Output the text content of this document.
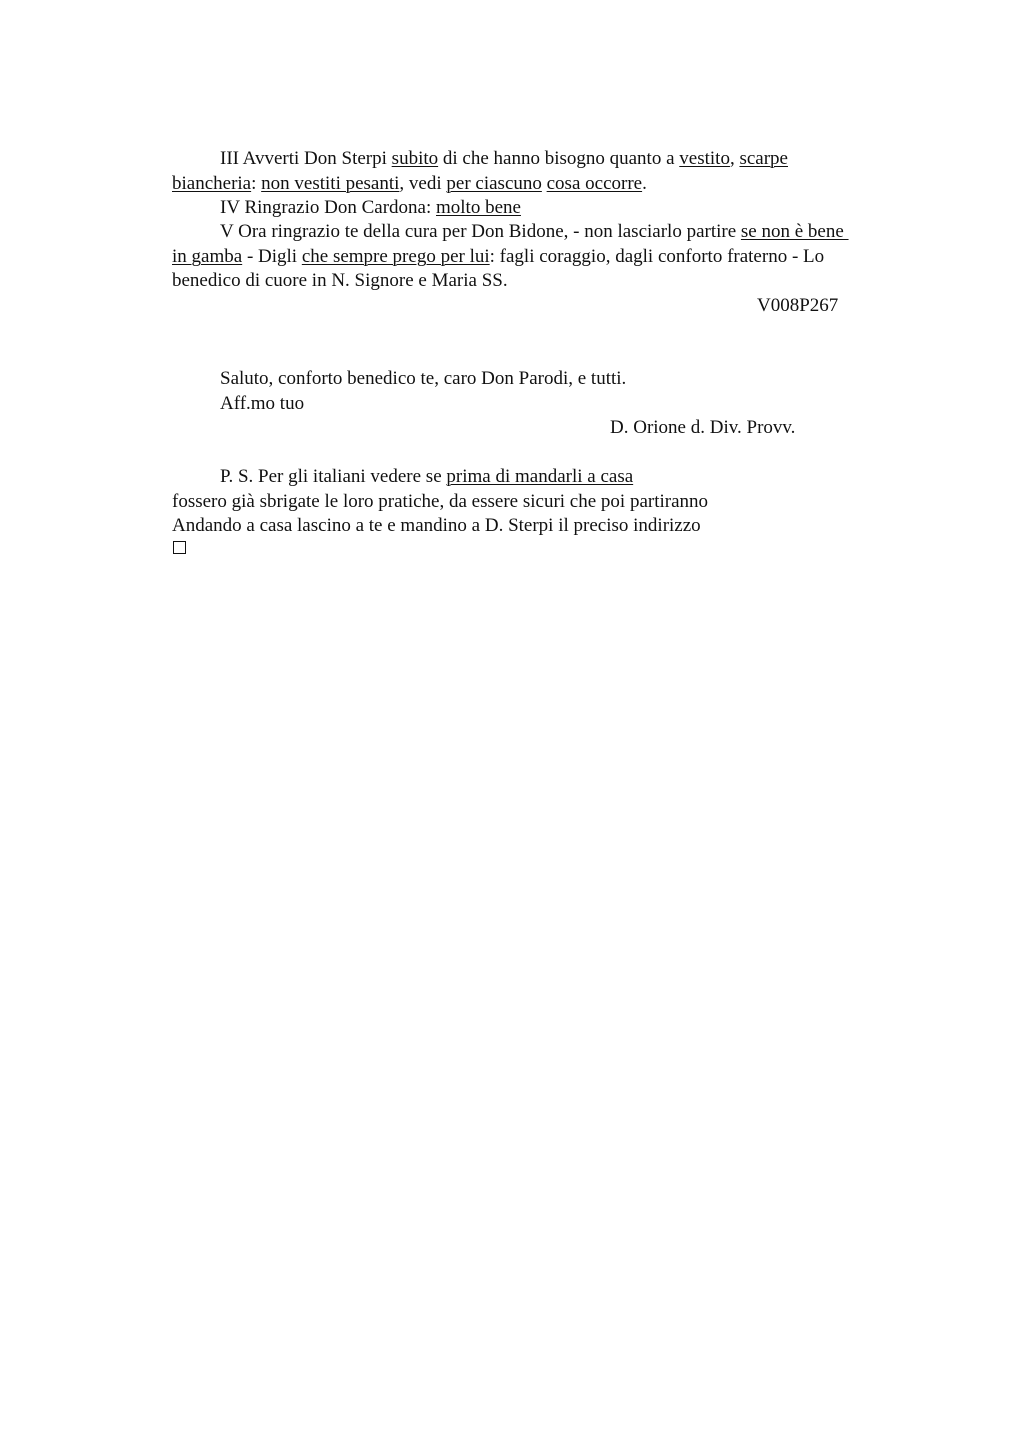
III Avverti Don Sterpi subito di che hanno bisogno quanto a vestito, scarpe
biancheria: non vestiti pesanti, vedi per ciascuno cosa occorre.
IV Ringrazio Don Cardona: molto bene
V Ora ringrazio te della cura per Don Bidone, - non lasciarlo partire se non è bene
in gamba - Digli che sempre prego per lui: fagli coraggio, dagli conforto fraterno - Lo
benedico di cuore in N. Signore e Maria SS.
V008P267
Saluto, conforto benedico te, caro Don Parodi, e tutti.
Aff.mo tuo
D. Orione d. Div. Provv.
P. S. Per gli italiani vedere se prima di mandarli a casa
fossero già sbrigate le loro pratiche, da essere sicuri che poi partiranno
Andando a casa lascino a te e mandino a D. Sterpi il preciso indirizzo
